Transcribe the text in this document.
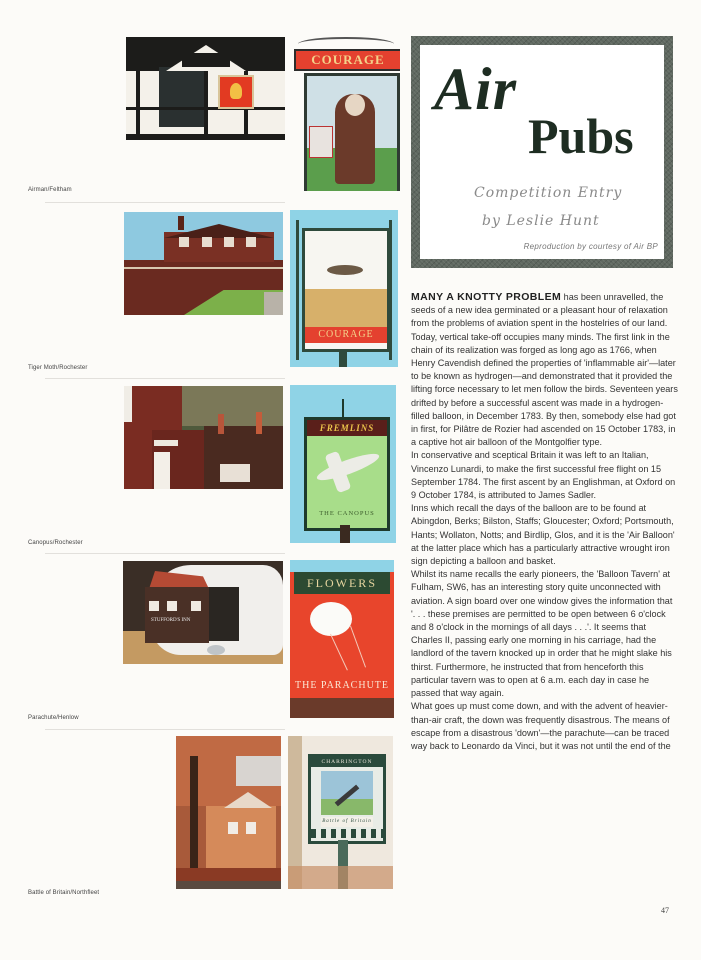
COURAGE
Airman/Feltham
COURAGE
Tiger Moth/Rochester
FREMLINS
THE CANOPUS
Canopus/Rochester
STUFFORD'S INN
FLOWERS
THE PARACHUTE
Parachute/Henlow
CHARRINGTON
Battle of Britain
Battle of Britain/Northfleet
Air
Pubs
Competition Entry
by Leslie Hunt
Reproduction by courtesy of Air BP

MANY A KNOTTY PROBLEM has been unravelled, the seeds of a new idea germinated or a pleasant hour of relaxation from the problems of aviation spent in the hostelries of our land.

Today, vertical take-off occupies many minds. The first link in the chain of its realization was forged as long ago as 1766, when Henry Cavendish defined the properties of 'inflammable air'—later to be known as hydrogen—and demonstrated that it provided the lifting force necessary to let men follow the birds. Seventeen years drifted by before a successful ascent was made in a hydrogen-filled balloon, in December 1783. By then, somebody else had got in first, for Pilâtre de Rozier had ascended on 15 October 1783, in a captive hot air balloon of the Montgolfier type.

In conservative and sceptical Britain it was left to an Italian, Vincenzo Lunardi, to make the first successful free flight on 15 September 1784. The first ascent by an Englishman, at Oxford on 9 October 1784, is attributed to James Sadler.

Inns which recall the days of the balloon are to be found at Abingdon, Berks; Bilston, Staffs; Gloucester; Oxford; Portsmouth, Hants; Wollaton, Notts; and Birdlip, Glos, and it is the 'Air Balloon' at the latter place which has a particularly attractive wrought iron sign depicting a balloon and basket.

Whilst its name recalls the early pioneers, the 'Balloon Tavern' at Fulham, SW6, has an interesting story quite unconnected with aviation. A sign board over one window gives the information that '. . . these premises are permitted to be open between 6 o'clock and 8 o'clock in the mornings of all days . . .'. It seems that Charles II, passing early one morning in his carriage, had the landlord of the tavern knocked up in order that he might slake his thirst. Furthermore, he instructed that from henceforth this particular tavern was to open at 6 a.m. each day in case he passed that way again.

What goes up must come down, and with the advent of heavier-than-air craft, the down was frequently disastrous. The means of escape from a disastrous 'down'—the parachute—can be traced way back to Leonardo da Vinci, but it was not until the end of the

47
